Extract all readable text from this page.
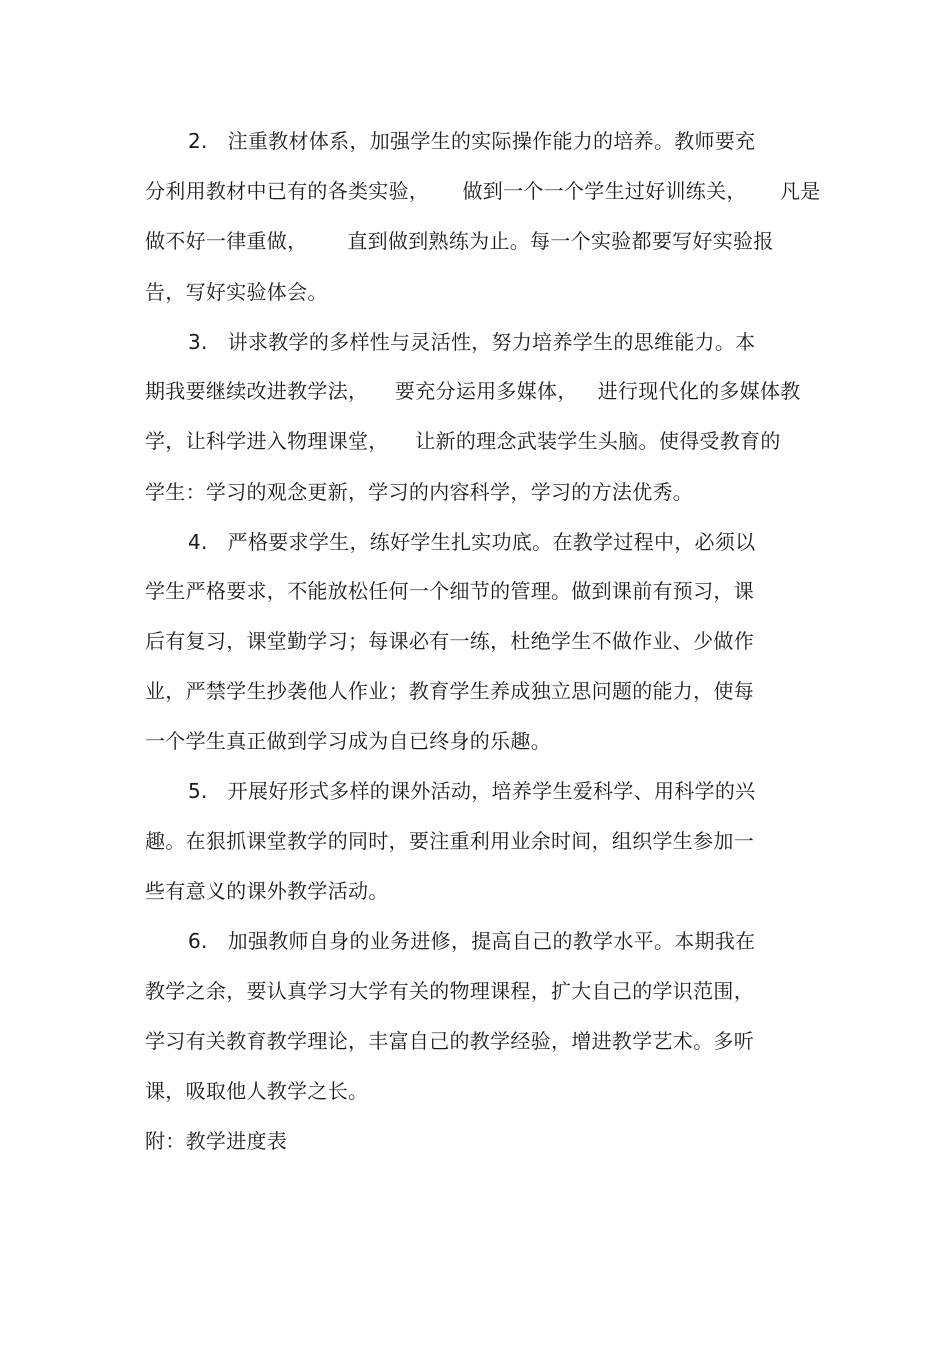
2.   注重教材体系，加强学生的实际操作能力的培养。教师要充
分利用教材中已有的各类实验，     做到一个一个学生过好训练关，     凡是
做不好一律重做，      直到做到熟练为止。每一个实验都要写好实验报
告，写好实验体会。
3.   讲求教学的多样性与灵活性，努力培养学生的思维能力。本
期我要继续改进教学法，    要充分运用多媒体，   进行现代化的多媒体教
学，让科学进入物理课堂，    让新的理念武装学生头脑。使得受教育的
学生：学习的观念更新，学习的内容科学，学习的方法优秀。
4.   严格要求学生，练好学生扎实功底。在教学过程中，必须以
学生严格要求，不能放松任何一个细节的管理。做到课前有预习，课
后有复习，课堂勤学习；每课必有一练，杜绝学生不做作业、少做作
业，严禁学生抄袭他人作业；教育学生养成独立思问题的能力，使每
一个学生真正做到学习成为自已终身的乐趣。
5.   开展好形式多样的课外活动，培养学生爱科学、用科学的兴
趣。在狠抓课堂教学的同时，要注重利用业余时间，组织学生参加一
些有意义的课外教学活动。
6.   加强教师自身的业务进修，提高自己的教学水平。本期我在
教学之余，要认真学习大学有关的物理课程，扩大自己的学识范围，
学习有关教育教学理论，丰富自己的教学经验，增进教学艺术。多听
课，吸取他人教学之长。
附：教学进度表
